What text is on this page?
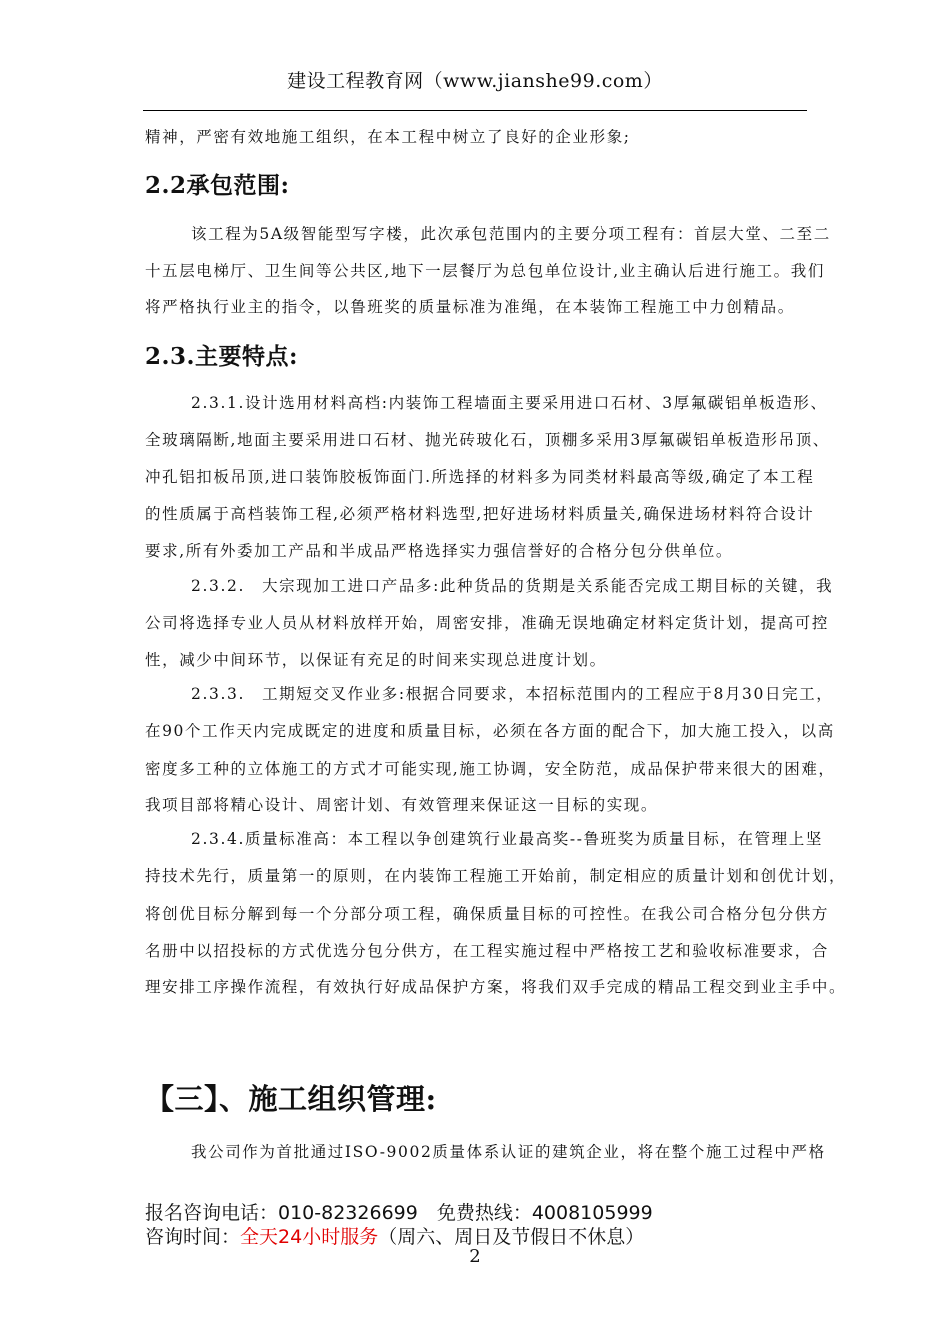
建设工程教育网（www.jianshe99.com）
精神，严密有效地施工组织，在本工程中树立了良好的企业形象;
2.2承包范围:
该工程为5A级智能型写字楼，此次承包范围内的主要分项工程有：首层大堂、二至二
十五层电梯厅、卫生间等公共区,地下一层餐厅为总包单位设计,业主确认后进行施工。我们
将严格执行业主的指令，以鲁班奖的质量标准为准绳，在本装饰工程施工中力创精品。
2.3.主要特点:
2.3.1.设计选用材料高档:内装饰工程墙面主要采用进口石材、3厚氟碳铝单板造形、
全玻璃隔断,地面主要采用进口石材、抛光砖玻化石，顶棚多采用3厚氟碳铝单板造形吊顶、
冲孔铝扣板吊顶,进口装饰胶板饰面门.所选择的材料多为同类材料最高等级,确定了本工程
的性质属于高档装饰工程,必须严格材料选型,把好进场材料质量关,确保进场材料符合设计
要求,所有外委加工产品和半成品严格选择实力强信誉好的合格分包分供单位。
2.3.2.　大宗现加工进口产品多:此种货品的货期是关系能否完成工期目标的关键，我
公司将选择专业人员从材料放样开始，周密安排，准确无误地确定材料定货计划，提高可控
性，减少中间环节，以保证有充足的时间来实现总进度计划。
2.3.3.　工期短交叉作业多:根据合同要求，本招标范围内的工程应于8月30日完工，
在90个工作天内完成既定的进度和质量目标，必须在各方面的配合下，加大施工投入，以高
密度多工种的立体施工的方式才可能实现,施工协调，安全防范，成品保护带来很大的困难，
我项目部将精心设计、周密计划、有效管理来保证这一目标的实现。
2.3.4.质量标准高：本工程以争创建筑行业最高奖--鲁班奖为质量目标，在管理上坚
持技术先行，质量第一的原则，在内装饰工程施工开始前，制定相应的质量计划和创优计划，
将创优目标分解到每一个分部分项工程，确保质量目标的可控性。在我公司合格分包分供方
名册中以招投标的方式优选分包分供方，在工程实施过程中严格按工艺和验收标准要求，合
理安排工序操作流程，有效执行好成品保护方案，将我们双手完成的精品工程交到业主手中。
【三】、施工组织管理:
我公司作为首批通过ISO-9002质量体系认证的建筑企业，将在整个施工过程中严格
报名咨询电话：010-82326699　免费热线：4008105999
咨询时间：全天24小时服务（周六、周日及节假日不休息）
2
